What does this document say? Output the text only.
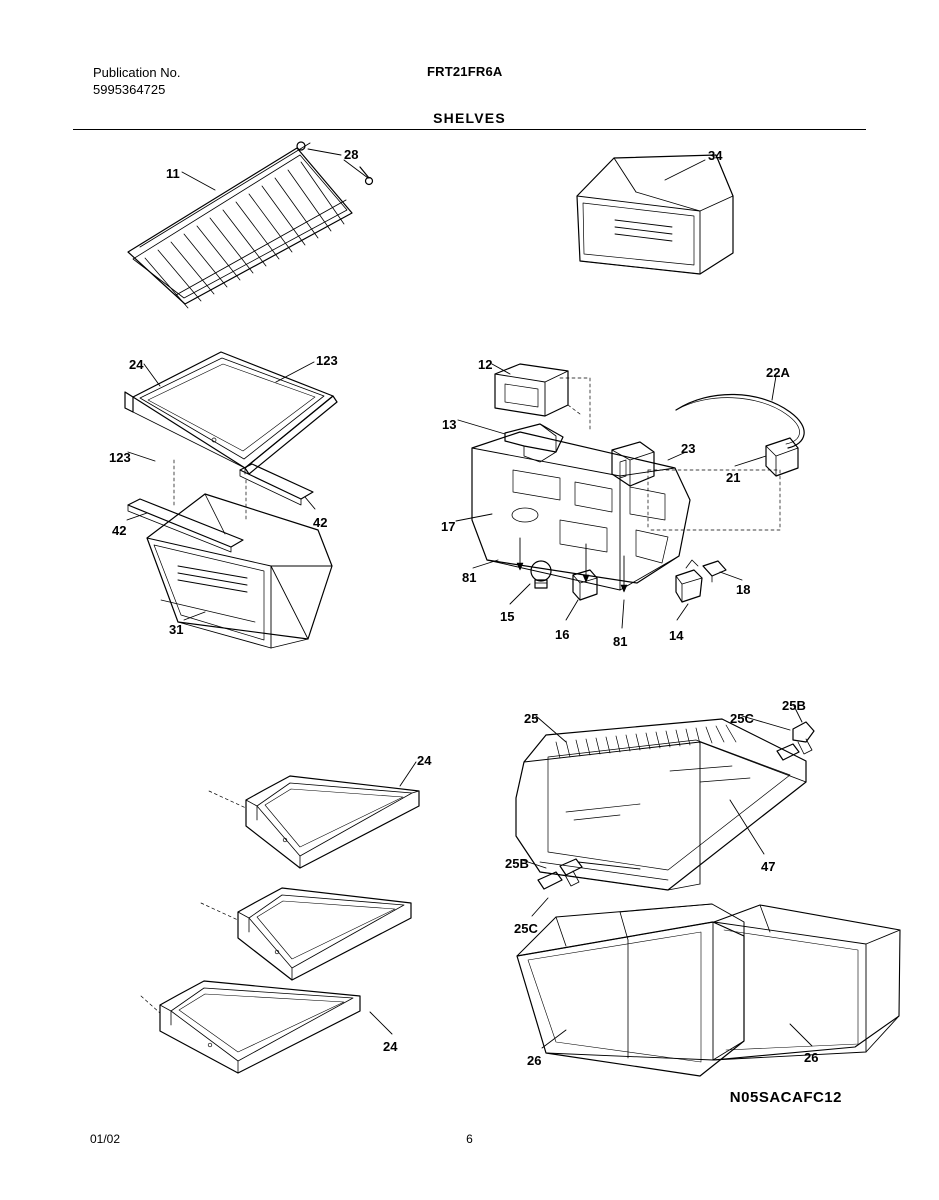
Publication No.
5995364725
FRT21FR6A
SHELVES
11
28	34
24	123
123
42
42
31
12
13
22A
23
21
17
81
15
16	81	14
18
24
24
25	25C
25B
47
25B
25C
26	26
N05SACAFC12
01/02	6
